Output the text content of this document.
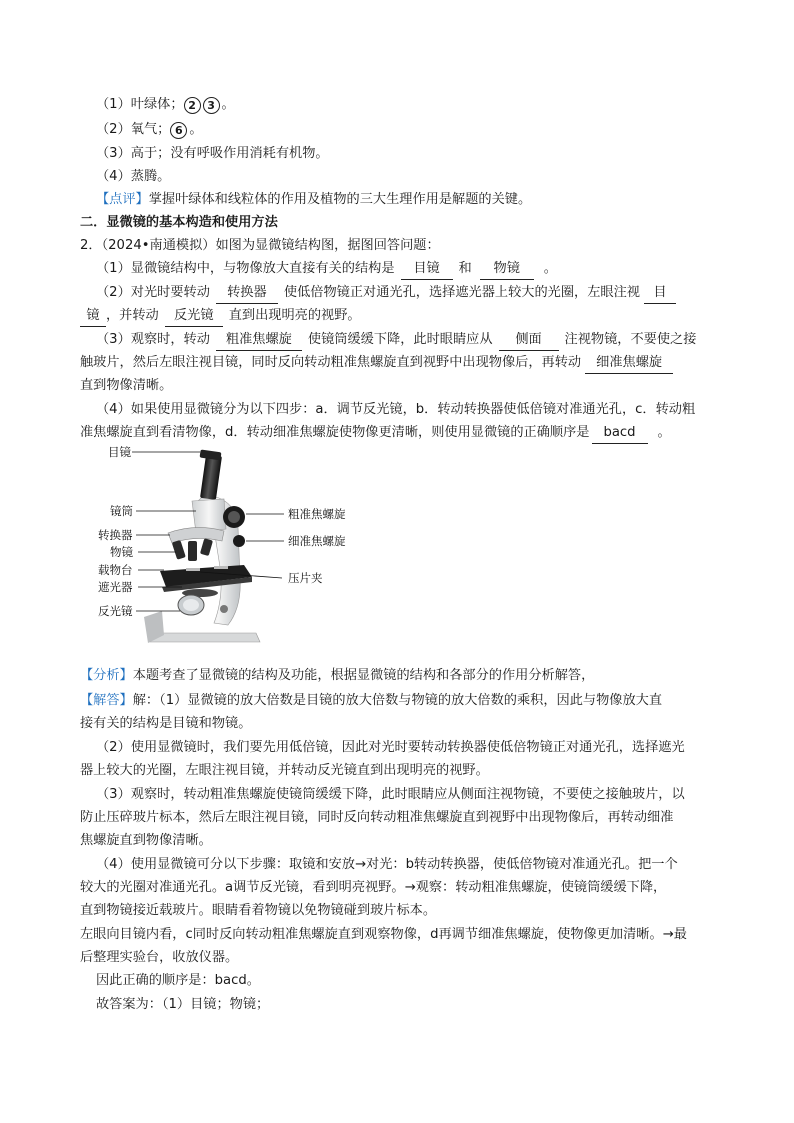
（1）叶绿体； 2 3 。
（2）氧气； 6 。
（3）高于；没有呼吸作用消耗有机物。
（4）蒸腾。
【点评】掌握叶绿体和线粒体的作用及植物的三大生理作用是解题的关键。
二．显微镜的基本构造和使用方法
2．（2024•南通模拟）如图为显微镜结构图，据图回答问题：
（1）显微镜结构中，与物像放大直接有关的结构是 目镜 和 物镜 。
（2）对光时要转动 转换器 使低倍物镜正对通光孔，选择遮光器上较大的光圈，左眼注视 目
镜 ，并转动 反光镜 直到出现明亮的视野。
（3）观察时，转动 粗准焦螺旋 使镜筒缓缓下降，此时眼睛应从 侧面 注视物镜，不要使之接
触玻片，然后左眼注视目镜，同时反向转动粗准焦螺旋直到视野中出现物像后，再转动 细准焦螺旋
直到物像清晰。
（4）如果使用显微镜分为以下四步：a．调节反光镜，b．转动转换器使低倍镜对准通光孔，c．转动粗
准焦螺旋直到看清物像，d．转动细准焦螺旋使物像更清晰，则使用显微镜的正确顺序是 bacd 。
目镜
镜筒
转换器
物镜
载物台
遮光器
反光镜
粗准焦螺旋
细准焦螺旋
压片夹
【分析】本题考查了显微镜的结构及功能，根据显微镜的结构和各部分的作用分析解答，
【解答】解：（1）显微镜的放大倍数是目镜的放大倍数与物镜的放大倍数的乘积，因此与物像放大直
接有关的结构是目镜和物镜。
（2）使用显微镜时，我们要先用低倍镜，因此对光时要转动转换器使低倍物镜正对通光孔，选择遮光
器上较大的光圈，左眼注视目镜，并转动反光镜直到出现明亮的视野。
（3）观察时，转动粗准焦螺旋使镜筒缓缓下降，此时眼睛应从侧面注视物镜，不要使之接触玻片，以
防止压碎玻片标本，然后左眼注视目镜，同时反向转动粗准焦螺旋直到视野中出现物像后，再转动细准
焦螺旋直到物像清晰。
（4）使用显微镜可分以下步骤：取镜和安放→对光：b转动转换器，使低倍物镜对准通光孔。把一个
较大的光圈对准通光孔。a调节反光镜，看到明亮视野。→观察：转动粗准焦螺旋，使镜筒缓缓下降，
直到物镜接近载玻片。眼睛看着物镜以免物镜碰到玻片标本。
左眼向目镜内看，c同时反向转动粗准焦螺旋直到观察物像，d再调节细准焦螺旋，使物像更加清晰。→最
后整理实验台，收放仪器。
因此正确的顺序是：bacd。
故答案为：（1）目镜；物镜；
